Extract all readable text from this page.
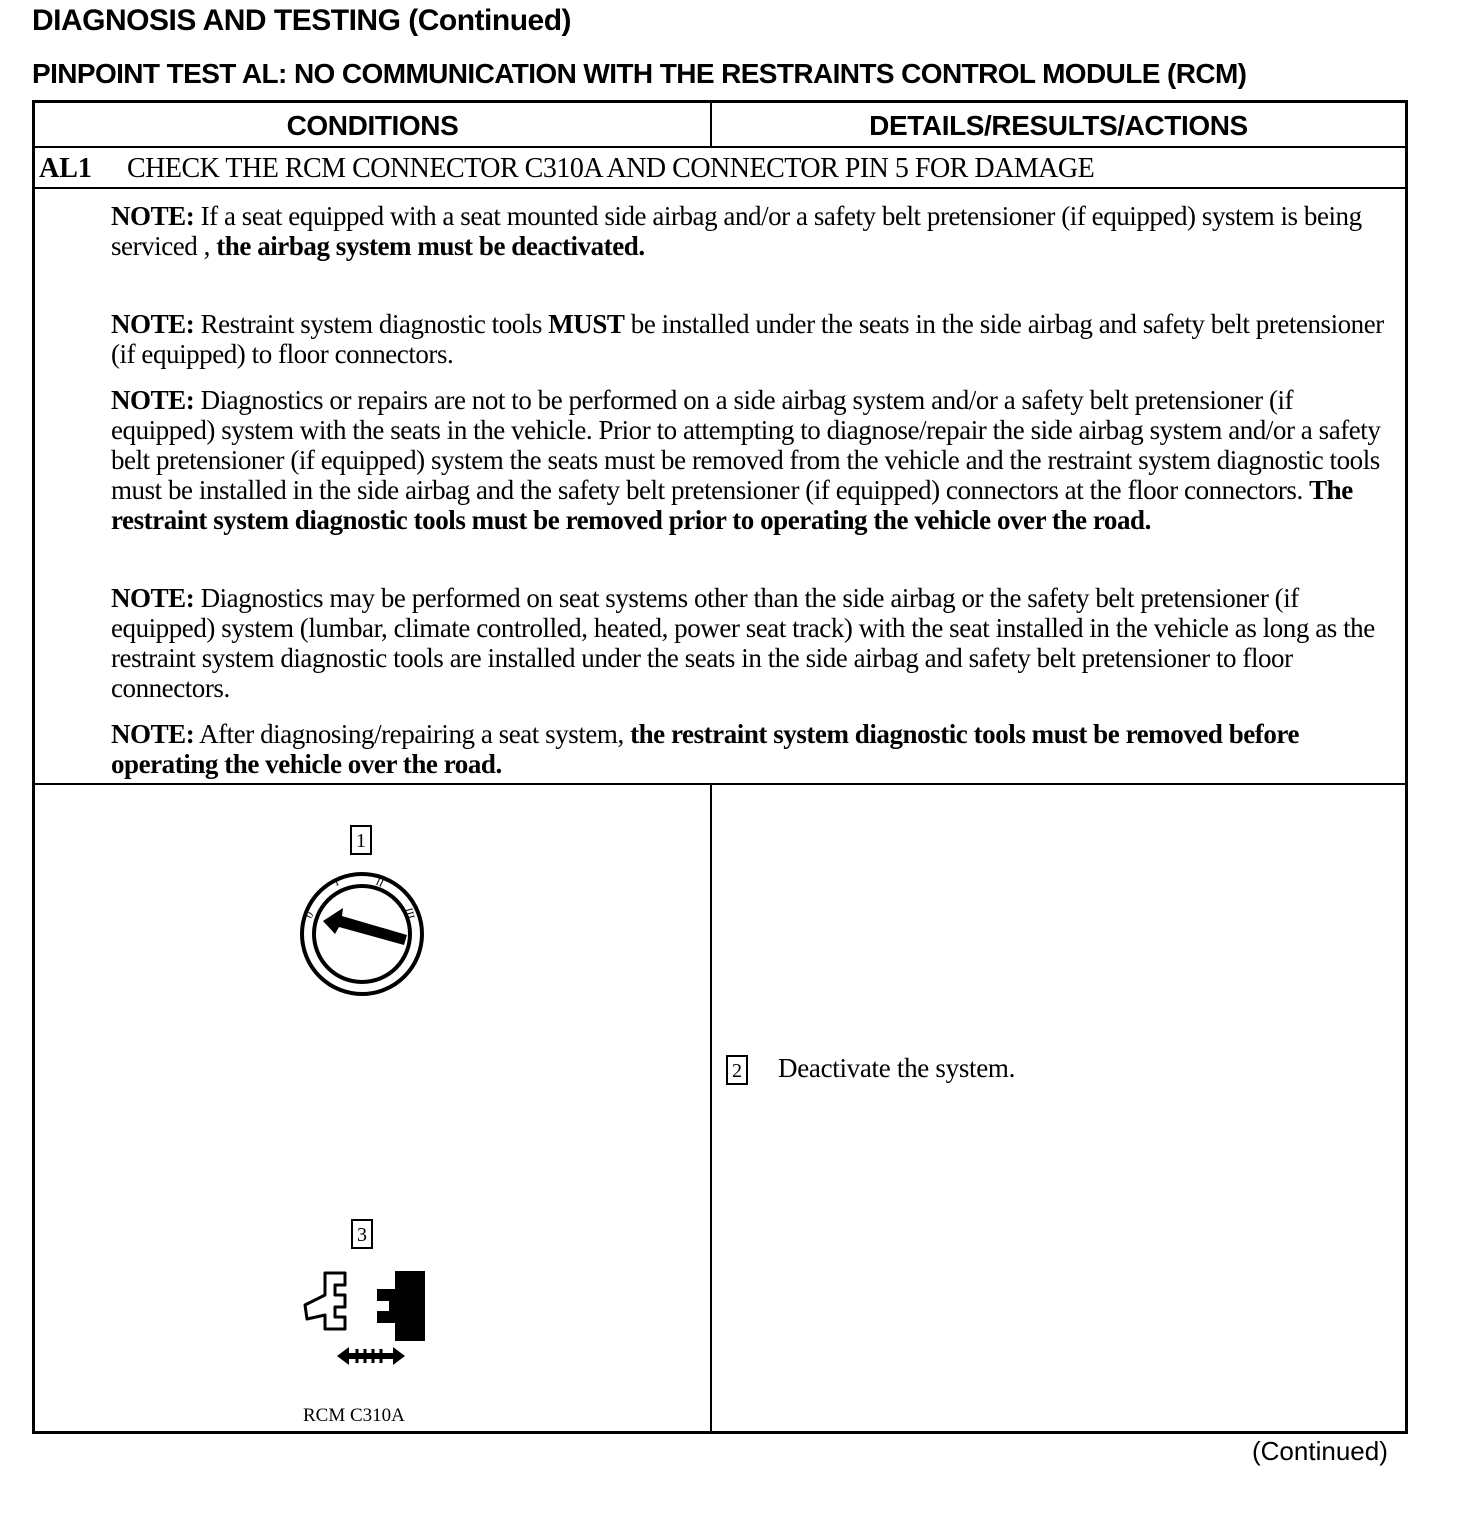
DIAGNOSIS AND TESTING (Continued)
PINPOINT TEST AL: NO COMMUNICATION WITH THE RESTRAINTS CONTROL MODULE (RCM)
CONDITIONS	DETAILS/RESULTS/ACTIONS
AL1 CHECK THE RCM CONNECTOR C310A AND CONNECTOR PIN 5 FOR DAMAGE

NOTE: If a seat equipped with a seat mounted side airbag and/or a safety belt pretensioner (if equipped) system is being serviced , the airbag system must be deactivated.

NOTE: Restraint system diagnostic tools MUST be installed under the seats in the side airbag and safety belt pretensioner (if equipped) to floor connectors.

NOTE: Diagnostics or repairs are not to be performed on a side airbag system and/or a safety belt pretensioner (if equipped) system with the seats in the vehicle. Prior to attempting to diagnose/repair the side airbag system and/or a safety belt pretensioner (if equipped) system the seats must be removed from the vehicle and the restraint system diagnostic tools must be installed in the side airbag and the safety belt pretensioner (if equipped) connectors at the floor connectors. The restraint system diagnostic tools must be removed prior to operating the vehicle over the road.

NOTE: Diagnostics may be performed on seat systems other than the side airbag or the safety belt pretensioner (if equipped) system (lumbar, climate controlled, heated, power seat track) with the seat installed in the vehicle as long as the restraint system diagnostic tools are installed under the seats in the side airbag and safety belt pretensioner to floor connectors.

NOTE: After diagnosing/repairing a seat system, the restraint system diagnostic tools must be removed before operating the vehicle over the road.

1
0
I	II
III
3
RCM C310A
2 Deactivate the system.
(Continued)
